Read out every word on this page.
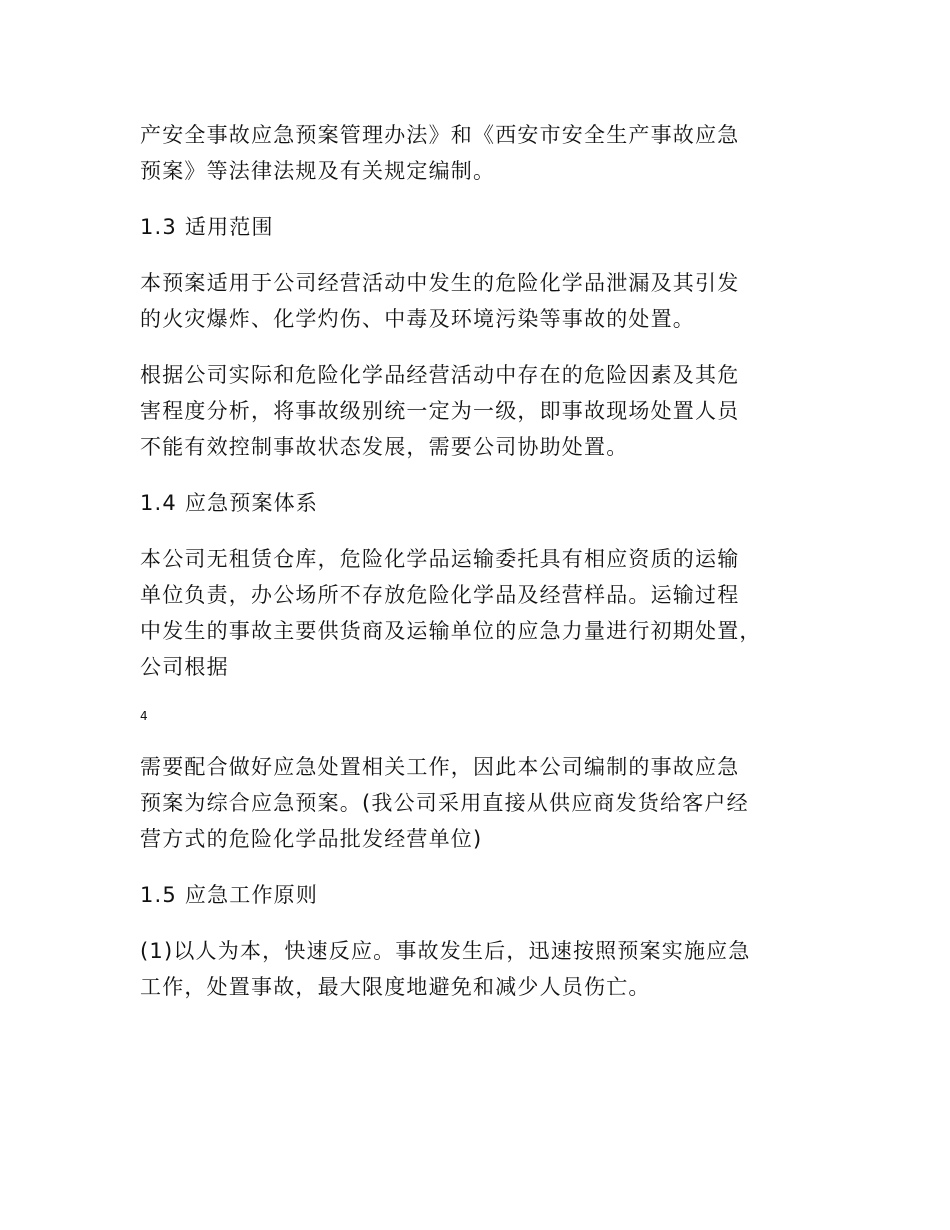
产安全事故应急预案管理办法》和《西安市安全生产事故应急
预案》等法律法规及有关规定编制。
1.3 适用范围
本预案适用于公司经营活动中发生的危险化学品泄漏及其引发
的火灾爆炸、化学灼伤、中毒及环境污染等事故的处置。
根据公司实际和危险化学品经营活动中存在的危险因素及其危
害程度分析，将事故级别统一定为一级，即事故现场处置人员
不能有效控制事故状态发展，需要公司协助处置。
1.4 应急预案体系
本公司无租赁仓库，危险化学品运输委托具有相应资质的运输
单位负责，办公场所不存放危险化学品及经营样品。运输过程
中发生的事故主要供货商及运输单位的应急力量进行初期处置，
公司根据
4
需要配合做好应急处置相关工作，因此本公司编制的事故应急
预案为综合应急预案。(我公司采用直接从供应商发货给客户经
营方式的危险化学品批发经营单位)
1.5 应急工作原则
(1)以人为本，快速反应。事故发生后，迅速按照预案实施应急
工作，处置事故，最大限度地避免和减少人员伤亡。
